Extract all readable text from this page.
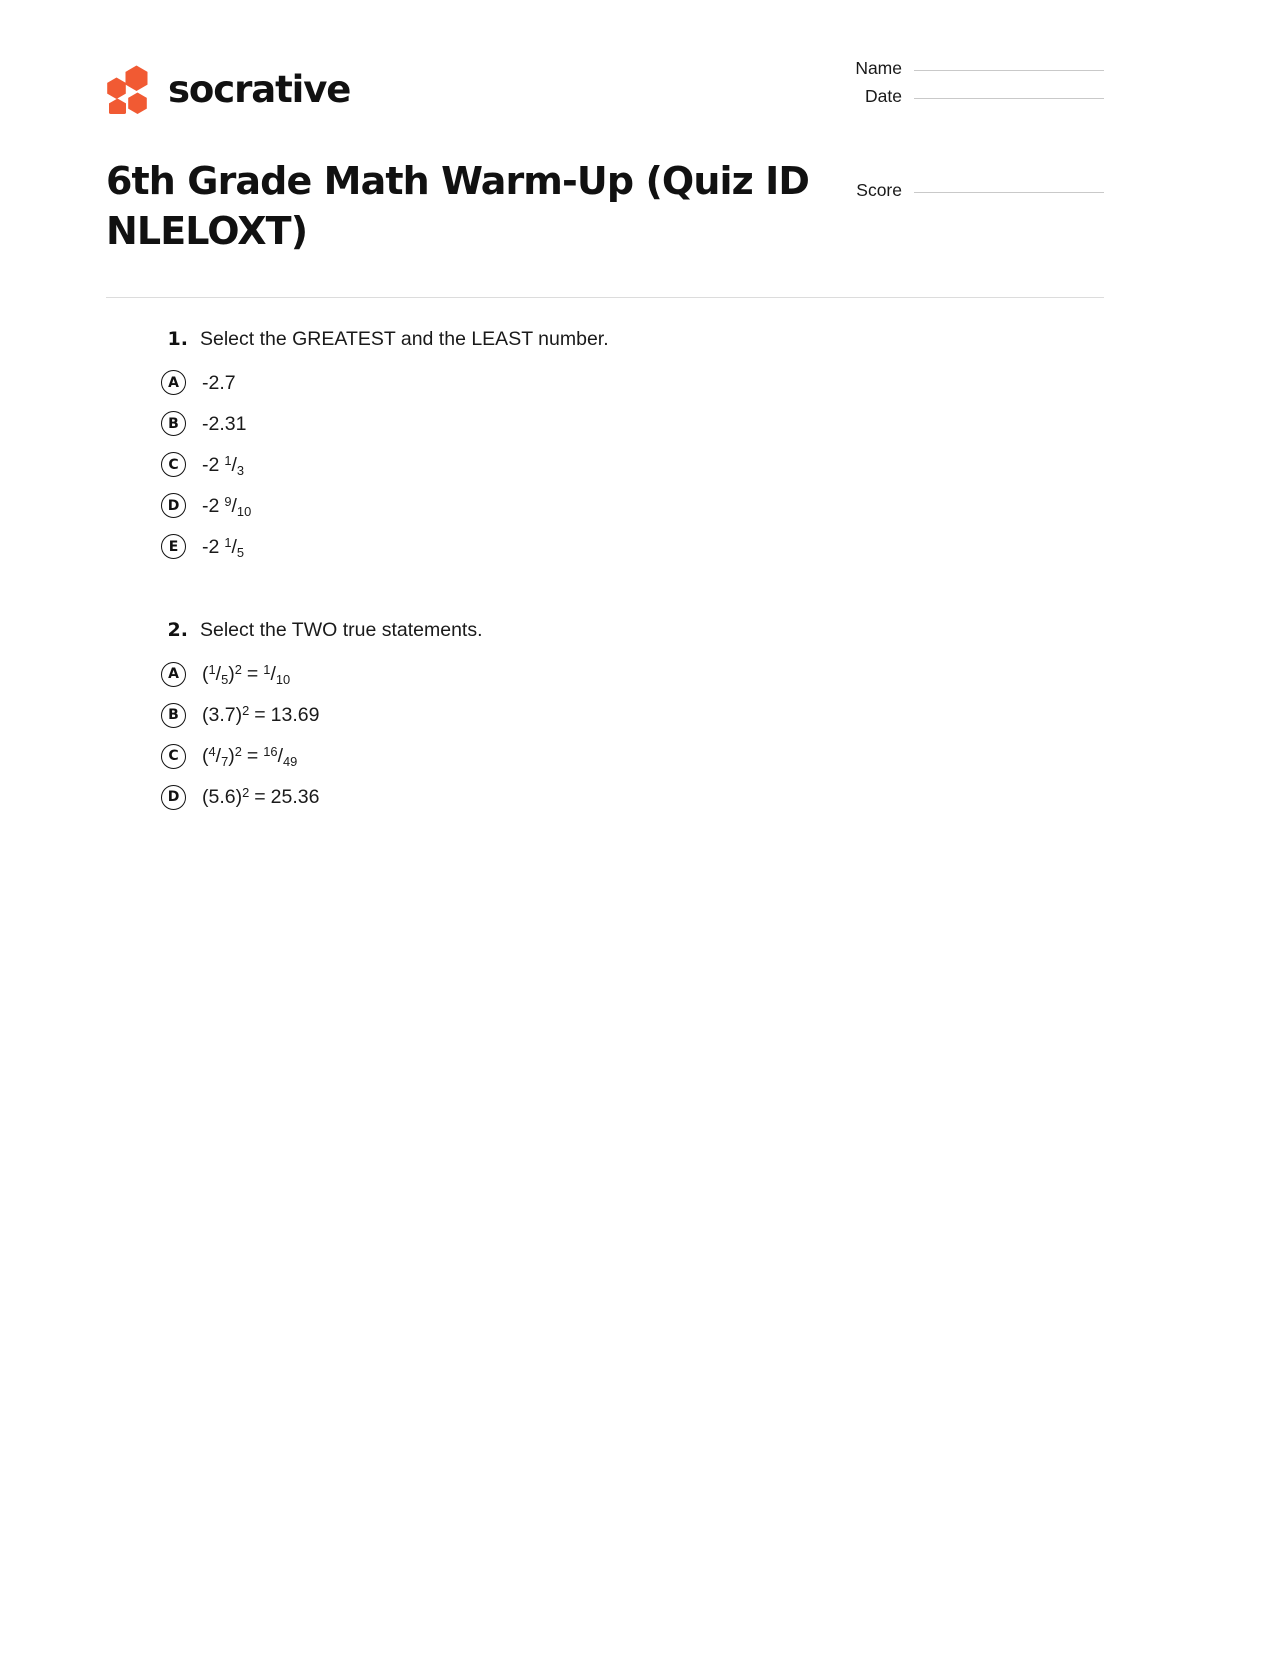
socrative	Name
Date
Score
6th Grade Math Warm-Up (Quiz ID NLELOXT)
1. Select the GREATEST and the LEAST number.
A	-2.7
B	-2.31
C	-2 $^1/_3$
D	-2 $^9/_{10}$
E	-2 $^1/_5$
2. Select the TWO true statements.
A	$(^1/_5)^2 = ^1/_{10}$
B	$(3.7)^2 = 13.69$
C	$(^4/_7)^2 = ^{16}/_{49}$
D	$(5.6)^2 = 25.36$
